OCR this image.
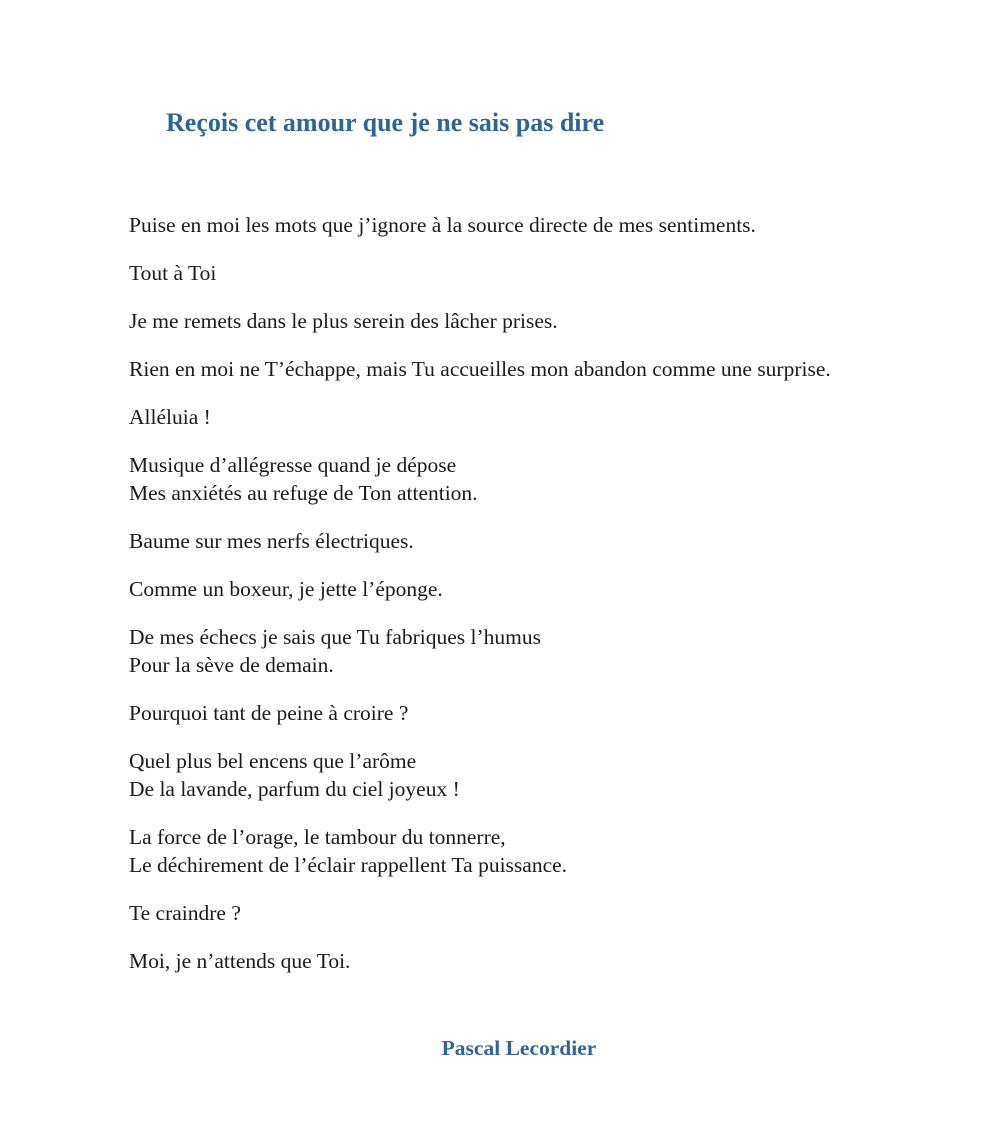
Reçois cet amour que je ne sais pas dire
Puise en moi les mots que j’ignore à la source directe de mes sentiments.
Tout à Toi
Je me remets dans le plus serein des lâcher prises.
Rien en moi ne T’échappe, mais Tu accueilles mon abandon comme une surprise.
Alléluia !
Musique d’allégresse quand je dépose
Mes anxiétés au refuge de Ton attention.
Baume sur mes nerfs électriques.
Comme un boxeur, je jette l’éponge.
De mes échecs je sais que Tu fabriques l’humus
Pour la sève de demain.
Pourquoi tant de peine à croire ?
Quel plus bel encens que l’arôme
De la lavande, parfum du ciel joyeux !
La force de l’orage, le tambour du tonnerre,
Le déchirement de l’éclair rappellent Ta puissance.
Te craindre ?
Moi, je n’attends que Toi.

Pascal Lecordier
